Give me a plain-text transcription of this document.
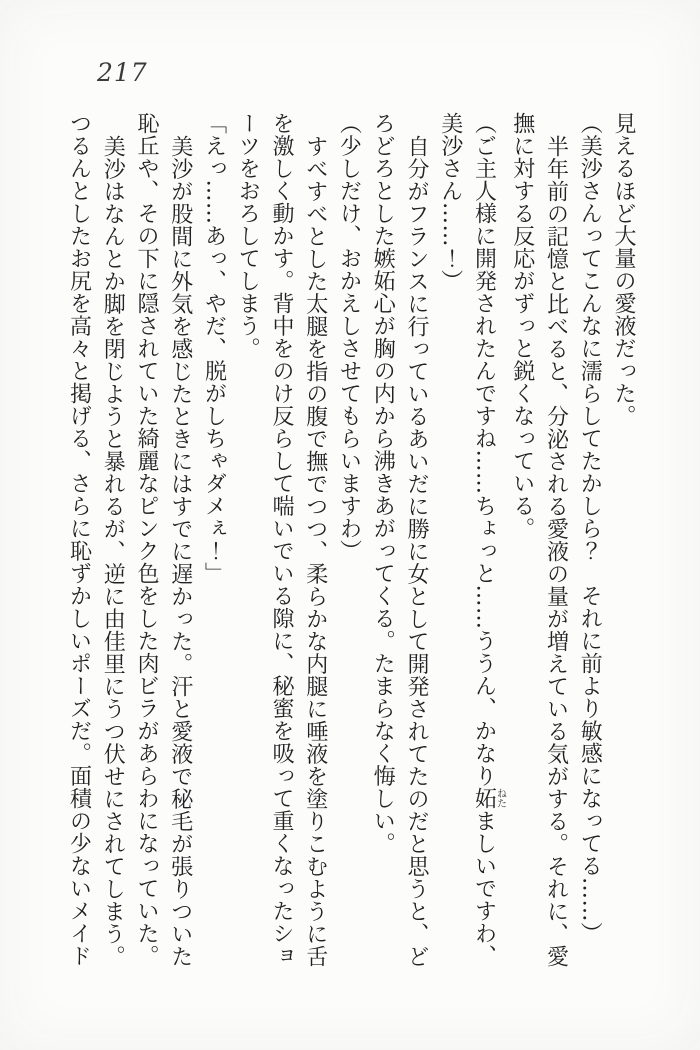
217

見えるほど大量の愛液だった。

（美沙さんってこんなに濡らしてたかしら？　それに前より敏感になってる……）

半年前の記憶と比べると、分泌される愛液の量が増えている気がする。それに、愛撫に対する反応がずっと鋭くなっている。

（ご主人様に開発されたんですね……ちょっと……ううん、かなり妬ねたましいですわ、美沙さん……！）

自分がフランスに行っているあいだに勝に女として開発されてたのだと思うと、どろどろとした嫉妬心が胸の内から沸きあがってくる。たまらなく悔しい。

（少しだけ、おかえしさせてもらいますわ）

すべすべとした太腿を指の腹で撫でつつ、柔らかな内腿に唾液を塗りこむように舌を激しく動かす。背中をのけ反らして喘いでいる隙に、秘蜜を吸って重くなったショーツをおろしてしまう。

「えっ……あっ、やだ、脱がしちゃダメぇ！」

美沙が股間に外気を感じたときにはすでに遅かった。汗と愛液で秘毛が張りついた恥丘や、その下に隠されていた綺麗なピンク色をした肉ビラがあらわになっていた。

美沙はなんとか脚を閉じようと暴れるが、逆に由佳里にうつ伏せにされてしまう。つるんとしたお尻を高々と掲げる、さらに恥ずかしいポーズだ。面積の少ないメイド
